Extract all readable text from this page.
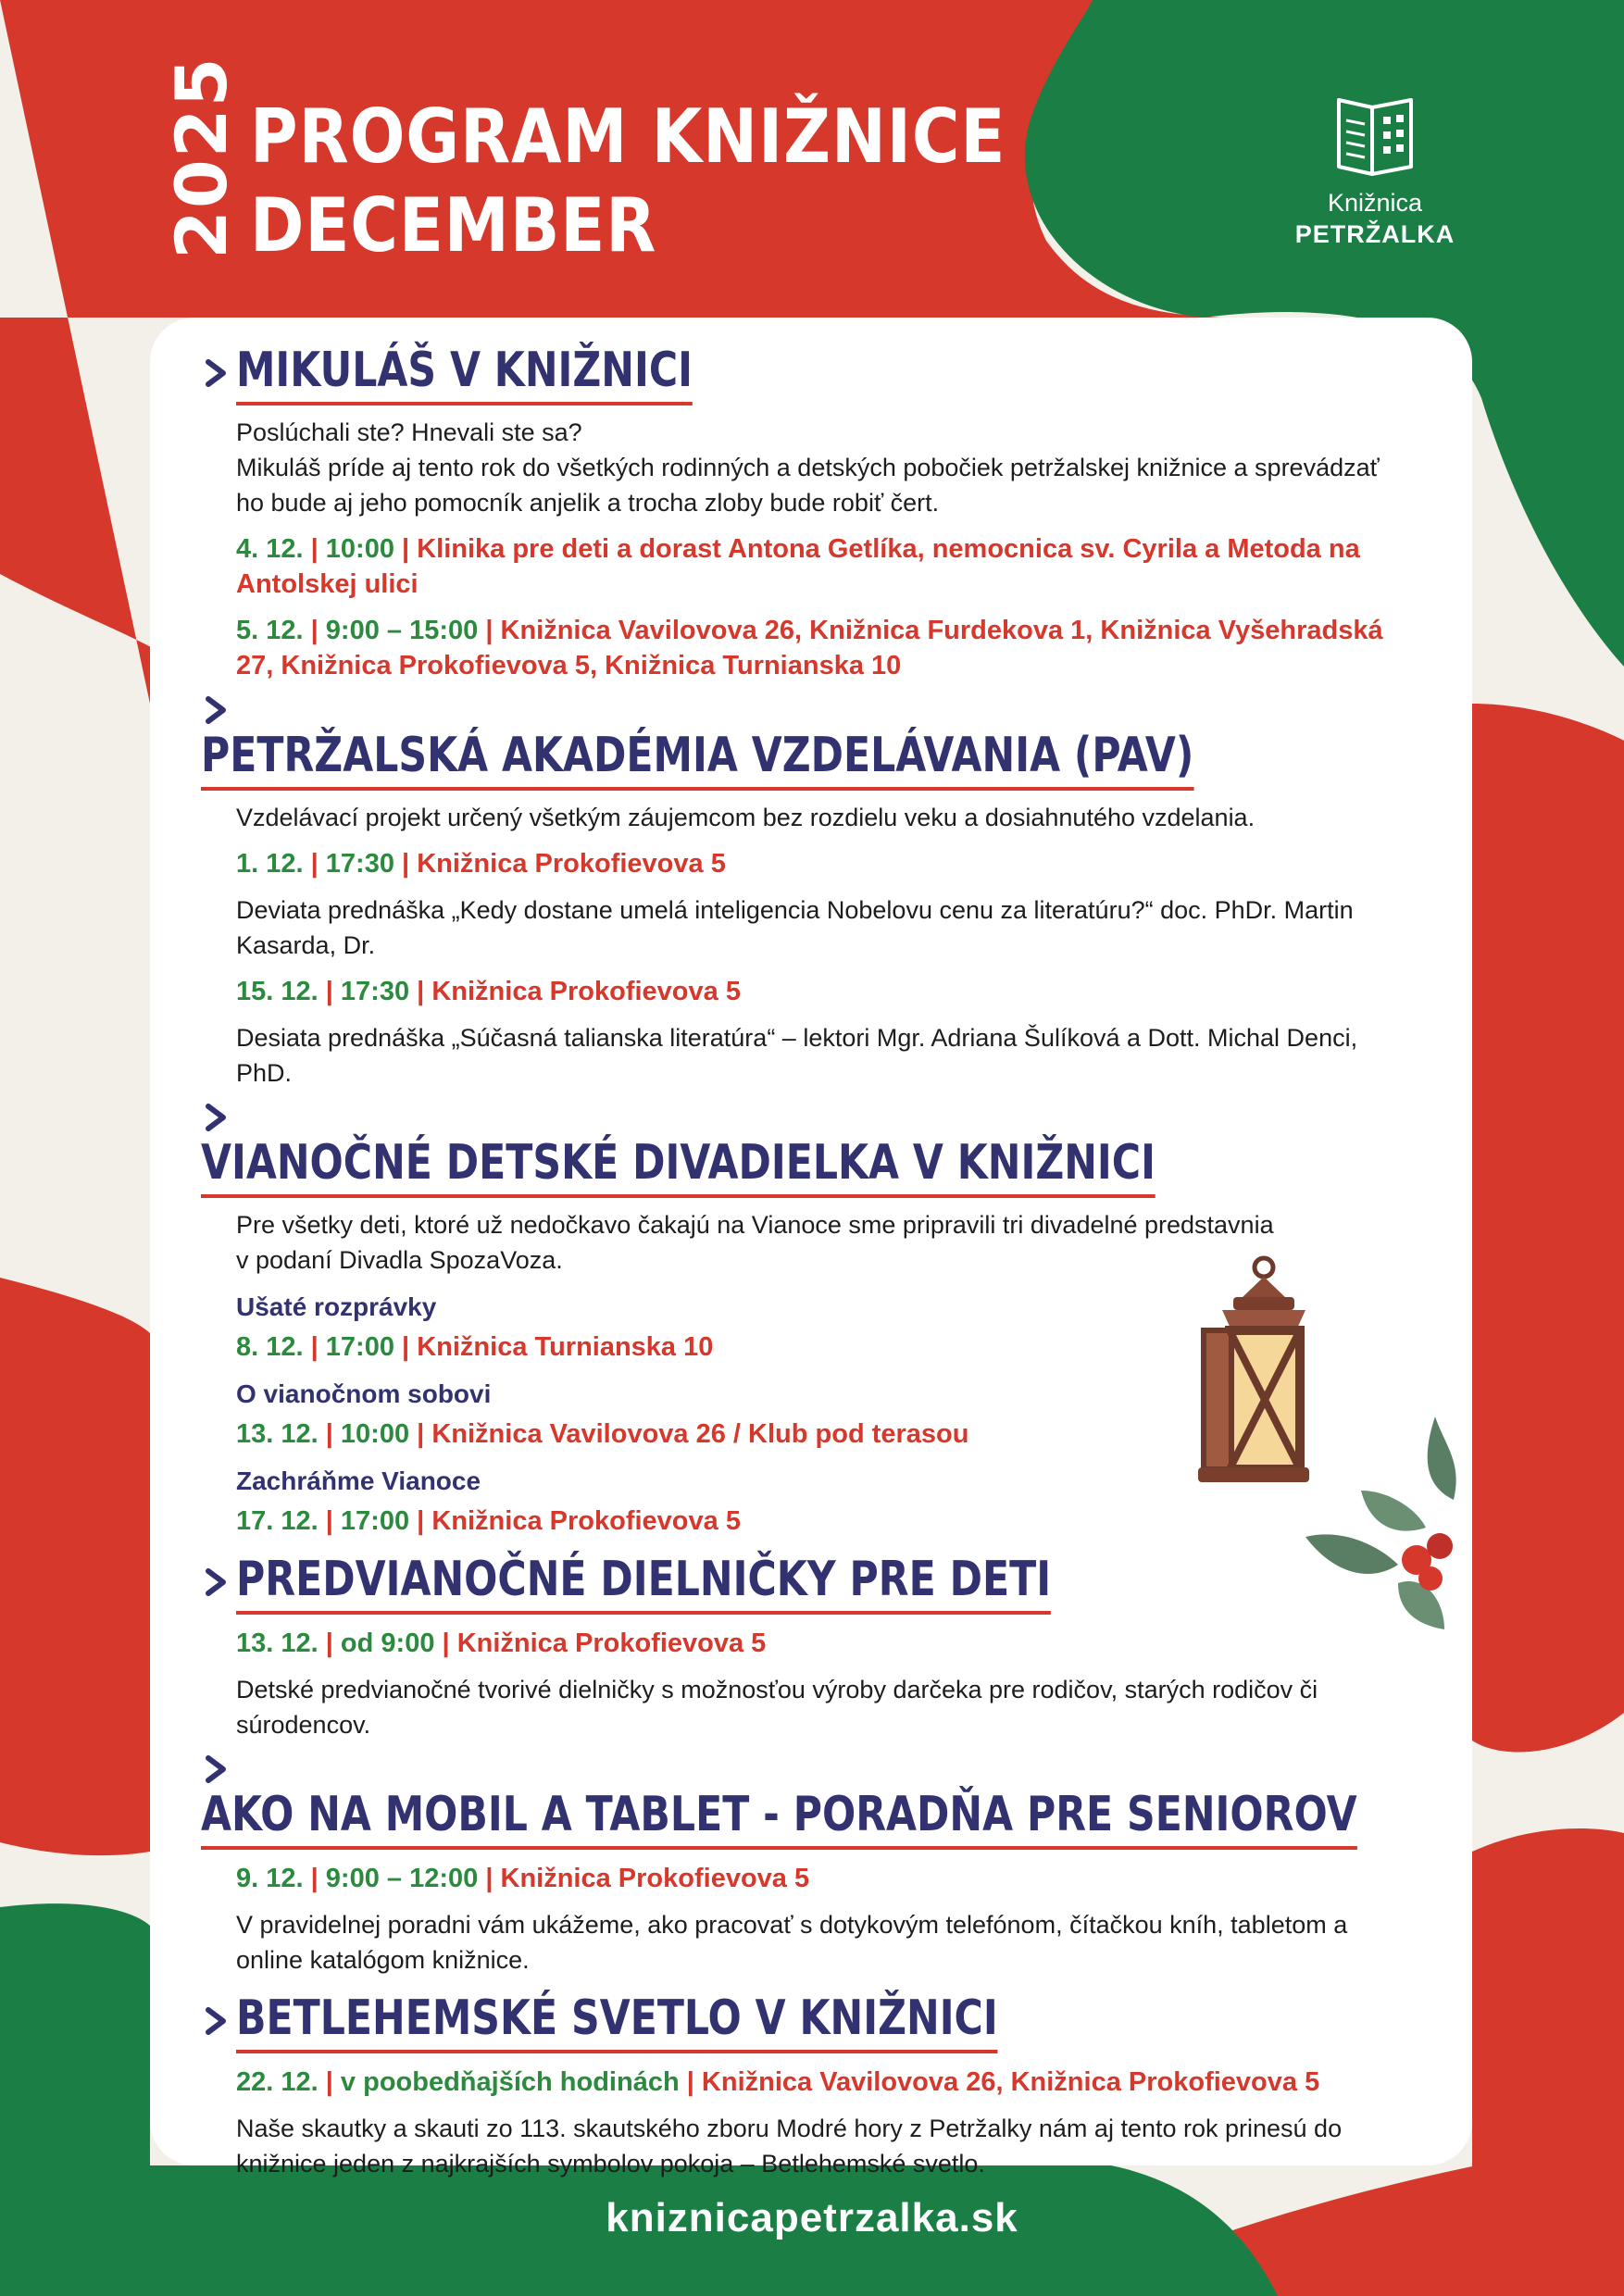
2025 PROGRAM KNIŽNICE
DECEMBER	Knižnica
PETRŽALKA
MIKULÁŠ V KNIŽNICI
Poslúchali ste? Hnevali ste sa?
Mikuláš príde aj tento rok do všetkých rodinných a detských pobočiek petržalskej knižnice a sprevádzať ho bude aj jeho pomocník anjelik a trocha zloby bude robiť čert.
4. 12. | 10:00 | Klinika pre deti a dorast Antona Getlíka, nemocnica sv. Cyrila a Metoda na Antolskej ulici
5. 12. | 9:00 – 15:00 | Knižnica Vavilovova 26, Knižnica Furdekova 1, Knižnica Vyšehradská 27, Knižnica Prokofievova 5, Knižnica Turnianska 10
PETRŽALSKÁ AKADÉMIA VZDELÁVANIA (PAV)
Vzdelávací projekt určený všetkým záujemcom bez rozdielu veku a dosiahnutého vzdelania.
1. 12. | 17:30 | Knižnica Prokofievova 5
Deviata prednáška „Kedy dostane umelá inteligencia Nobelovu cenu za literatúru?“ doc. PhDr. Martin Kasarda, Dr.
15. 12. | 17:30 | Knižnica Prokofievova 5
Desiata prednáška „Súčasná talianska literatúra“ – lektori Mgr. Adriana Šulíková a Dott. Michal Denci, PhD.
VIANOČNÉ DETSKÉ DIVADIELKA V KNIŽNICI
Pre všetky deti, ktoré už nedočkavo čakajú na Vianoce sme pripravili tri divadelné predstavnia v podaní Divadla SpozaVoza.
Ušaté rozprávky
8. 12. | 17:00 | Knižnica Turnianska 10
O vianočnom sobovi
13. 12. | 10:00 | Knižnica Vavilovova 26 / Klub pod terasou
Zachráňme Vianoce
17. 12. | 17:00 | Knižnica Prokofievova 5
PREDVIANOČNÉ DIELNIČKY PRE DETI
13. 12. | od 9:00 | Knižnica Prokofievova 5
Detské predvianočné tvorivé dielničky s možnosťou výroby darčeka pre rodičov, starých rodičov či súrodencov.
AKO NA MOBIL A TABLET - PORADŇA PRE SENIOROV
9. 12. | 9:00 – 12:00 | Knižnica Prokofievova 5
V pravidelnej poradni vám ukážeme, ako pracovať s dotykovým telefónom, čítačkou kníh, tabletom a online katalógom knižnice.
BETLEHEMSKÉ SVETLO V KNIŽNICI
22. 12. | v poobedňajších hodinách | Knižnica Vavilovova 26, Knižnica Prokofievova 5
Naše skautky a skauti zo 113. skautského zboru Modré hory z Petržalky nám aj tento rok prinesú do knižnice jeden z najkrajších symbolov pokoja – Betlehemské svetlo.
kniznicapetrzalka.sk
